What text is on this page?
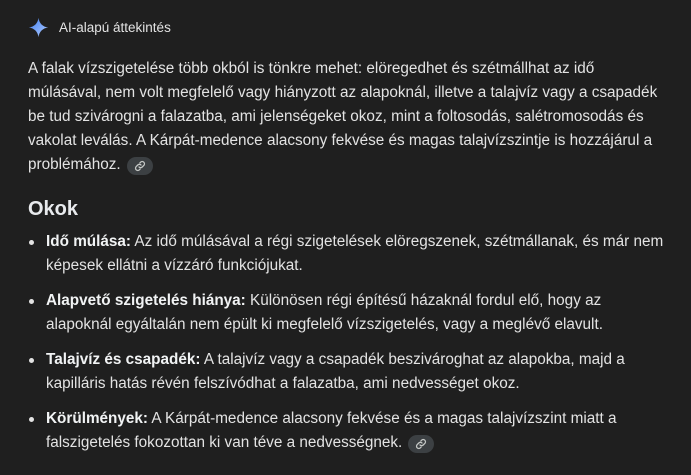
AI-alapú áttekintés

A falak vízszigetelése több okból is tönkre mehet: elöregedhet és szétmállhat az idő múlásával, nem volt megfelelő vagy hiányzott az alapoknál, illetve a talajvíz vagy a csapadék be tud szivárogni a falazatba, ami jelenségeket okoz, mint a foltosodás, salétromosodás és vakolat leválás. A Kárpát-medence alacsony fekvése és magas talajvízszintje is hozzájárul a problémához.

Okok
Idő múlása: Az idő múlásával a régi szigetelések elöregszenek, szétmállanak, és már nem képesek ellátni a vízzáró funkciójukat.
Alapvető szigetelés hiánya: Különösen régi építésű házaknál fordul elő, hogy az alapoknál egyáltalán nem épült ki megfelelő vízszigetelés, vagy a meglévő elavult.
Talajvíz és csapadék: A talajvíz vagy a csapadék beszivároghat az alapokba, majd a kapilláris hatás révén felszívódhat a falazatba, ami nedvességet okoz.
Körülmények: A Kárpát-medence alacsony fekvése és a magas talajvízszint miatt a falszigetelés fokozottan ki van téve a nedvességnek.
